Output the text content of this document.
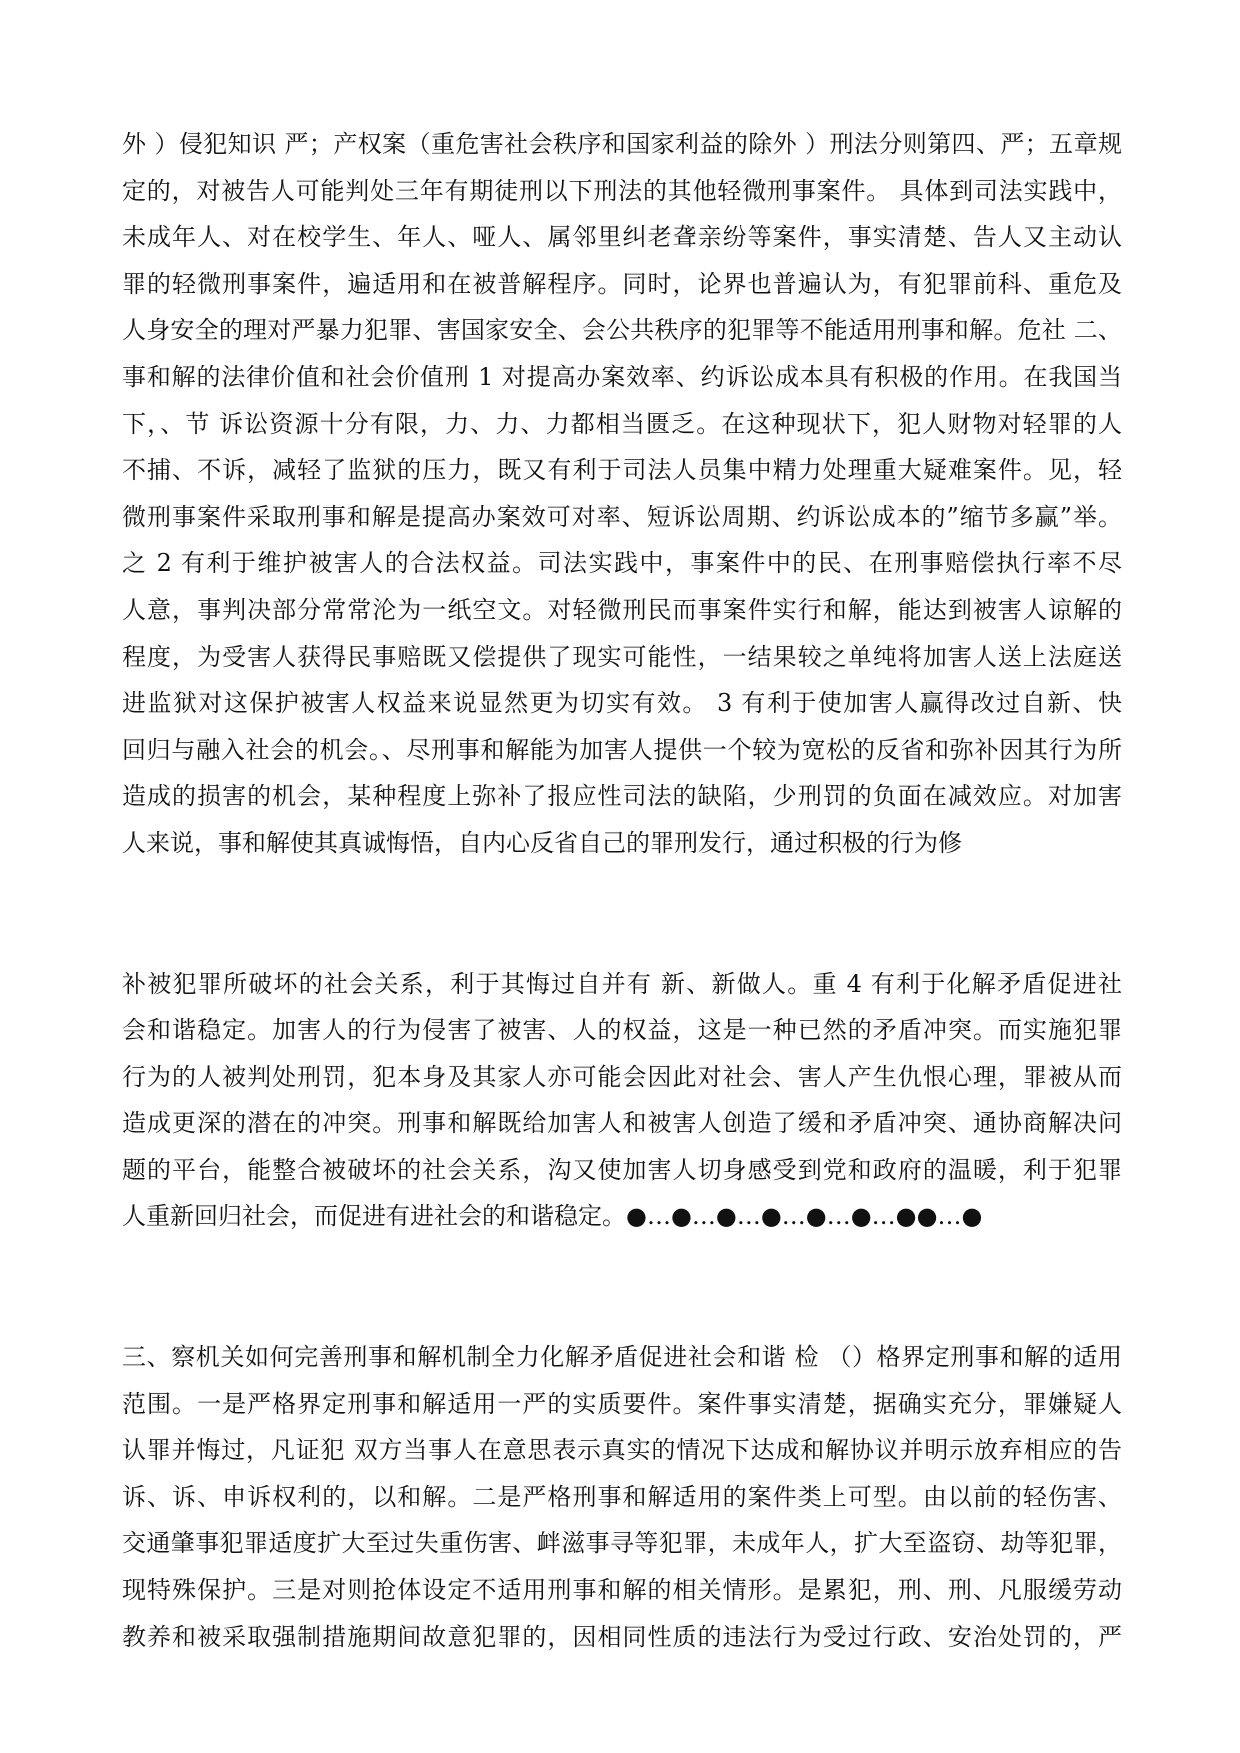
外 ）侵犯知识 严；产权案（重危害社会秩序和国家利益的除外 ）刑法分则第四、严；五章规
定的，对被告人可能判处三年有期徒刑以下刑法的其他轻微刑事案件。 具体到司法实践中，
未成年人、对在校学生、年人、哑人、属邻里纠老聋亲纷等案件，事实清楚、告人又主动认
罪的轻微刑事案件，遍适用和在被普解程序。同时，论界也普遍认为，有犯罪前科、重危及
人身安全的理对严暴力犯罪、害国家安全、会公共秩序的犯罪等不能适用刑事和解。危社 二、
事和解的法律价值和社会价值刑 1 对提高办案效率、约诉讼成本具有积极的作用。在我国当
下，、节 诉讼资源十分有限，力、力、力都相当匮乏。在这种现状下，犯人财物对轻罪的人
不捕、不诉，减轻了监狱的压力，既又有利于司法人员集中精力处理重大疑难案件。见，轻
微刑事案件采取刑事和解是提高办案效可对率、短诉讼周期、约诉讼成本的”缩节多赢”举。
之 2 有利于维护被害人的合法权益。司法实践中，事案件中的民、在刑事赔偿执行率不尽
人意，事判决部分常常沦为一纸空文。对轻微刑民而事案件实行和解，能达到被害人谅解的
程度，为受害人获得民事赔既又偿提供了现实可能性，一结果较之单纯将加害人送上法庭送
进监狱对这保护被害人权益来说显然更为切实有效。 3 有利于使加害人赢得改过自新、快
回归与融入社会的机会。、尽刑事和解能为加害人提供一个较为宽松的反省和弥补因其行为所
造成的损害的机会，某种程度上弥补了报应性司法的缺陷，少刑罚的负面在减效应。对加害
人来说，事和解使其真诚悔悟，自内心反省自己的罪刑发行，通过积极的行为修
补被犯罪所破坏的社会关系，利于其悔过自并有 新、新做人。重 4 有利于化解矛盾促进社
会和谐稳定。加害人的行为侵害了被害、人的权益，这是一种已然的矛盾冲突。而实施犯罪
行为的人被判处刑罚，犯本身及其家人亦可能会因此对社会、害人产生仇恨心理，罪被从而
造成更深的潜在的冲突。刑事和解既给加害人和被害人创造了缓和矛盾冲突、通协商解决问
题的平台，能整合被破坏的社会关系，沟又使加害人切身感受到党和政府的温暖，利于犯罪
人重新回归社会，而促进有进社会的和谐稳定。●…●…●…●…●…●…●●…●
三、察机关如何完善刑事和解机制全力化解矛盾促进社会和谐 检 （）格界定刑事和解的适用
范围。一是严格界定刑事和解适用一严的实质要件。案件事实清楚，据确实充分，罪嫌疑人
认罪并悔过，凡证犯 双方当事人在意思表示真实的情况下达成和解协议并明示放弃相应的告
诉、诉、申诉权利的，以和解。二是严格刑事和解适用的案件类上可型。由以前的轻伤害、
交通肇事犯罪适度扩大至过失重伤害、衅滋事寻等犯罪，未成年人，扩大至盗窃、劫等犯罪，
现特殊保护。三是对则抢体设定不适用刑事和解的相关情形。是累犯，刑、刑、凡服缓劳动
教养和被采取强制措施期间故意犯罪的，因相同性质的违法行为受过行政、安治处罚的，严
